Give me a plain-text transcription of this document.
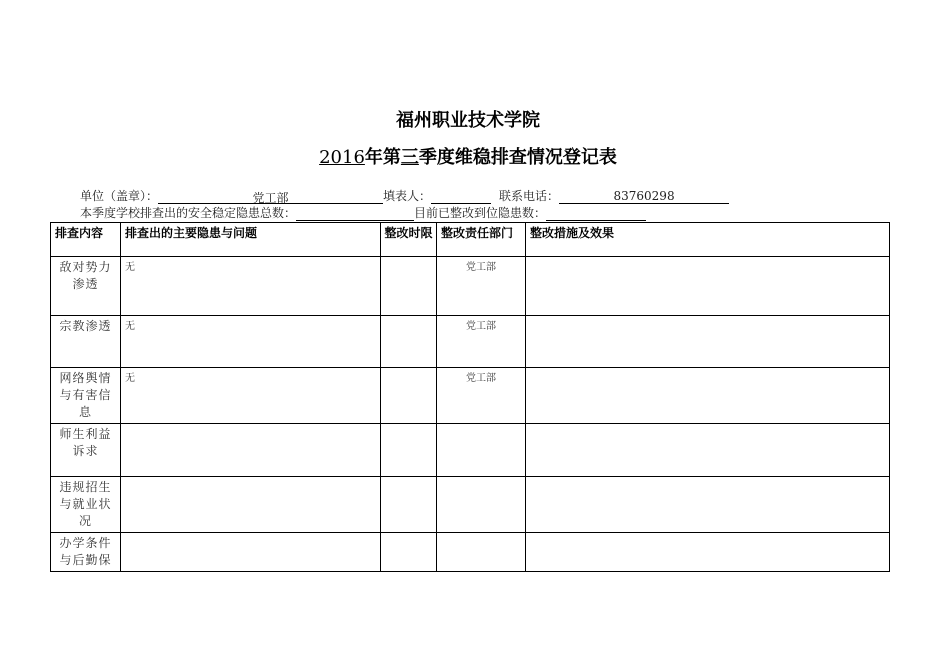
福州职业技术学院
2016年第三季度维稳排查情况登记表
单位（盖章）：	党工部	填表人：	联系电话：	83760298
本季度学校排查出的安全稳定隐患总数：	目前已整改到位隐患数：
排查内容	排查出的主要隐患与问题	整改时限	整改责任部门	整改措施及效果
敌对势力渗透	无		党工部	
宗教渗透	无		党工部	
网络舆情与有害信息	无		党工部	
师生利益诉求				
违规招生与就业状况				
办学条件与后勤保				
